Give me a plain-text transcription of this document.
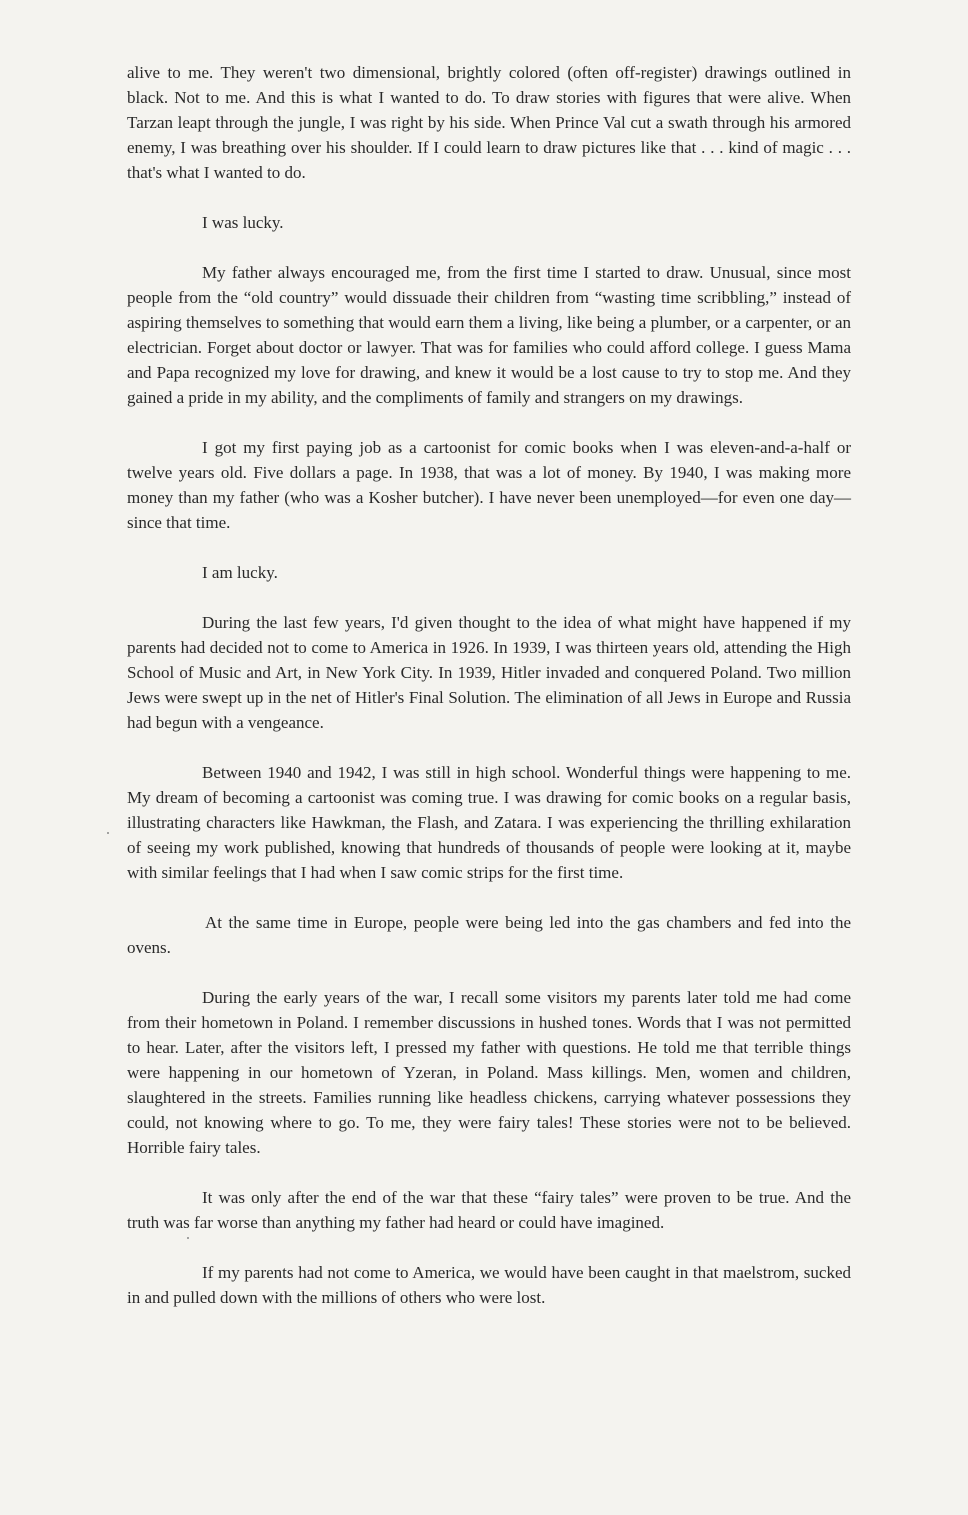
alive to me. They weren't two dimensional, brightly colored (often off-register) drawings outlined in black. Not to me. And this is what I wanted to do. To draw stories with figures that were alive. When Tarzan leapt through the jungle, I was right by his side. When Prince Val cut a swath through his armored enemy, I was breathing over his shoulder. If I could learn to draw pictures like that . . . kind of magic . . . that's what I wanted to do.

I was lucky.

My father always encouraged me, from the first time I started to draw. Unusual, since most people from the “old country” would dissuade their children from “wasting time scribbling,” instead of aspiring themselves to something that would earn them a living, like being a plumber, or a carpenter, or an electrician. Forget about doctor or lawyer. That was for families who could afford college. I guess Mama and Papa recognized my love for drawing, and knew it would be a lost cause to try to stop me. And they gained a pride in my ability, and the compliments of family and strangers on my drawings.

I got my first paying job as a cartoonist for comic books when I was eleven-and-a-half or twelve years old. Five dollars a page. In 1938, that was a lot of money. By 1940, I was making more money than my father (who was a Kosher butcher). I have never been unemployed—for even one day—since that time.

I am lucky.

During the last few years, I'd given thought to the idea of what might have happened if my parents had decided not to come to America in 1926. In 1939, I was thirteen years old, attending the High School of Music and Art, in New York City. In 1939, Hitler invaded and conquered Poland. Two million Jews were swept up in the net of Hitler's Final Solution. The elimination of all Jews in Europe and Russia had begun with a vengeance.

Between 1940 and 1942, I was still in high school. Wonderful things were happening to me. My dream of becoming a cartoonist was coming true. I was drawing for comic books on a regular basis, illustrating characters like Hawkman, the Flash, and Zatara. I was experiencing the thrilling exhilaration of seeing my work published, knowing that hundreds of thousands of people were looking at it, maybe with similar feelings that I had when I saw comic strips for the first time.

At the same time in Europe, people were being led into the gas chambers and fed into the ovens.

During the early years of the war, I recall some visitors my parents later told me had come from their hometown in Poland. I remember discussions in hushed tones. Words that I was not permitted to hear. Later, after the visitors left, I pressed my father with questions. He told me that terrible things were happening in our hometown of Yzeran, in Poland. Mass killings. Men, women and children, slaughtered in the streets. Families running like headless chickens, carrying whatever possessions they could, not knowing where to go. To me, they were fairy tales! These stories were not to be believed. Horrible fairy tales.

It was only after the end of the war that these “fairy tales” were proven to be true. And the truth was far worse than anything my father had heard or could have imagined.

If my parents had not come to America, we would have been caught in that maelstrom, sucked in and pulled down with the millions of others who were lost.
